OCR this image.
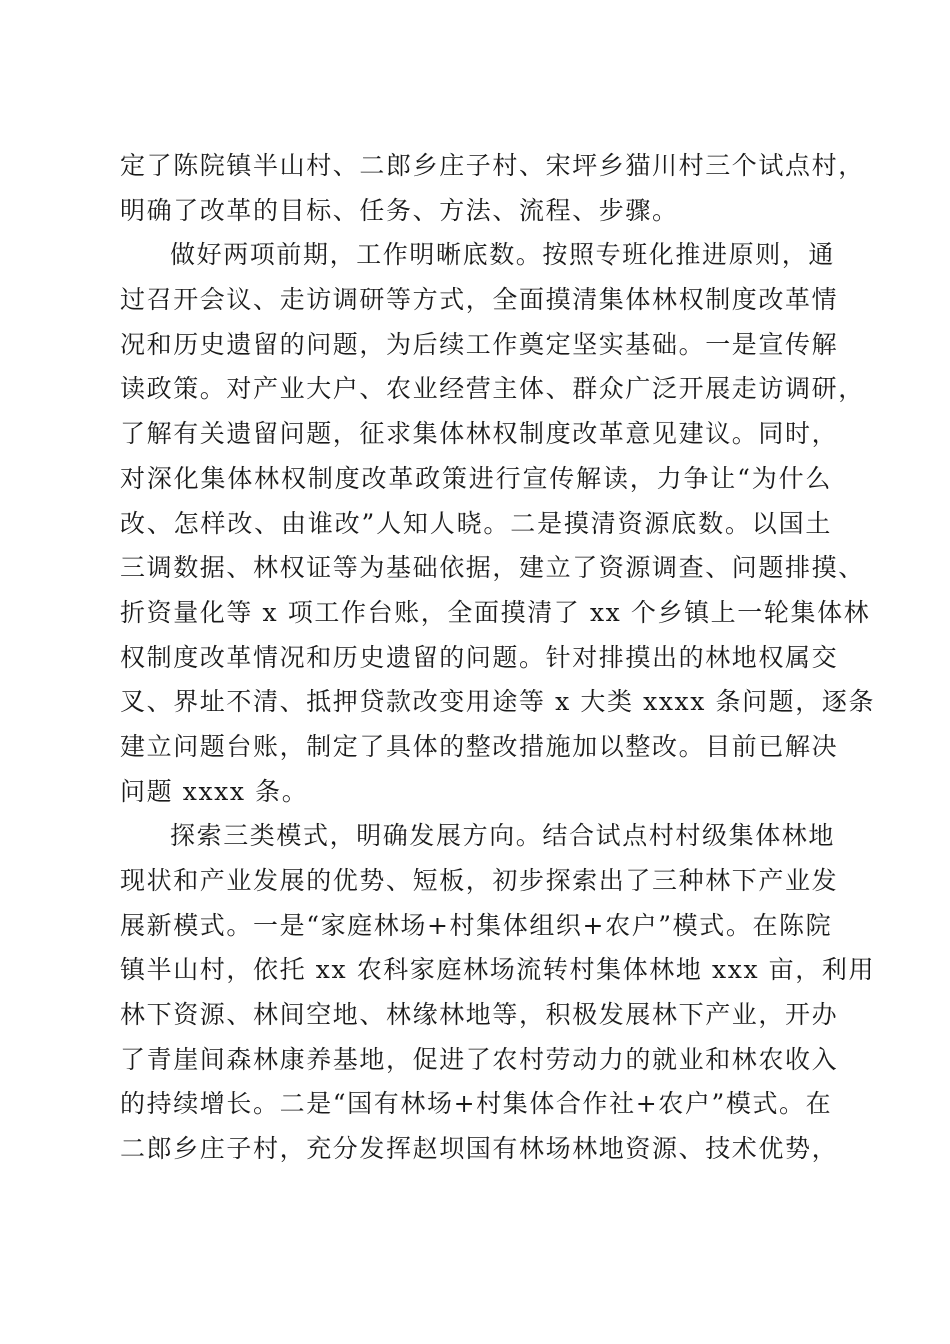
定了陈院镇半山村、二郎乡庄子村、宋坪乡猫川村三个试点村，
明确了改革的目标、任务、方法、流程、步骤。
做好两项前期，工作明晰底数。按照专班化推进原则，通
过召开会议、走访调研等方式，全面摸清集体林权制度改革情
况和历史遗留的问题，为后续工作奠定坚实基础。一是宣传解
读政策。对产业大户、农业经营主体、群众广泛开展走访调研，
了解有关遗留问题，征求集体林权制度改革意见建议。同时，
对深化集体林权制度改革政策进行宣传解读，力争让“为什么
改、怎样改、由谁改”人知人晓。二是摸清资源底数。以国土
三调数据、林权证等为基础依据，建立了资源调查、问题排摸、
折资量化等 x 项工作台账，全面摸清了 xx 个乡镇上一轮集体林
权制度改革情况和历史遗留的问题。针对排摸出的林地权属交
叉、界址不清、抵押贷款改变用途等 x 大类 xxxx 条问题，逐条
建立问题台账，制定了具体的整改措施加以整改。目前已解决
问题 xxxx 条。
探索三类模式，明确发展方向。结合试点村村级集体林地
现状和产业发展的优势、短板，初步探索出了三种林下产业发
展新模式。一是“家庭林场+村集体组织+农户”模式。在陈院
镇半山村，依托 xx 农科家庭林场流转村集体林地 xxx 亩，利用
林下资源、林间空地、林缘林地等，积极发展林下产业，开办
了青崖间森林康养基地，促进了农村劳动力的就业和林农收入
的持续增长。二是“国有林场+村集体合作社+农户”模式。在
二郎乡庄子村，充分发挥赵坝国有林场林地资源、技术优势，
